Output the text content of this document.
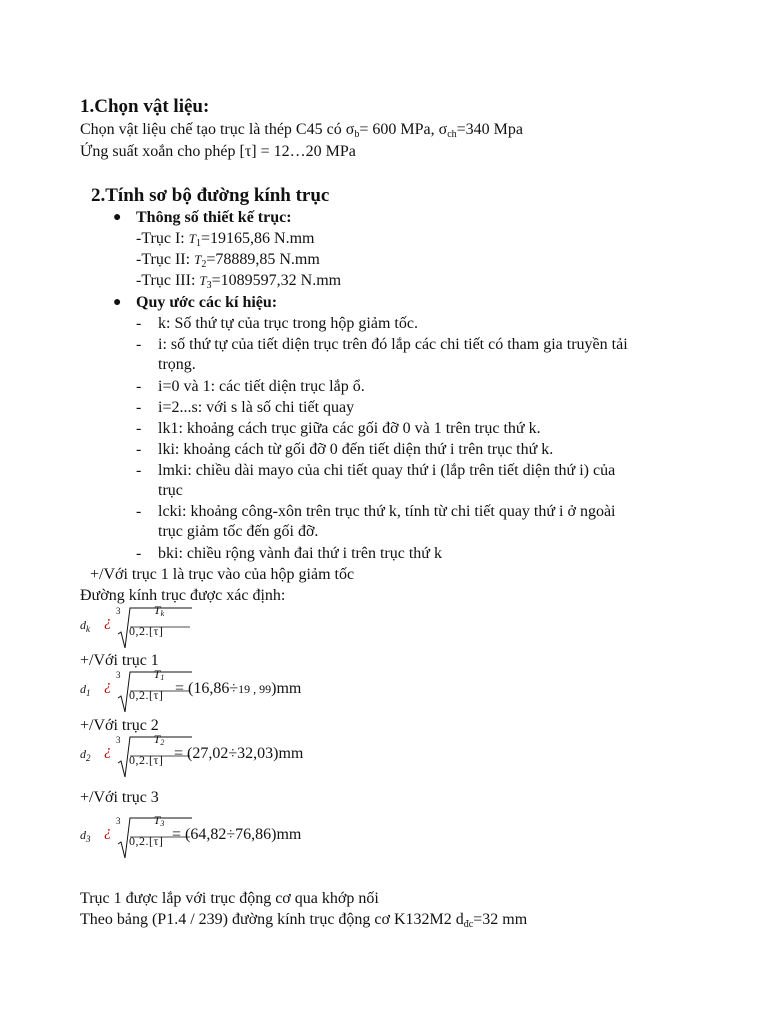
1.Chọn vật liệu:
Chọn vật liệu chế tạo trục là thép C45 có $\sigma_b= 600$ MPa, $\sigma_{ch}=340$ Mpa
Ứng suất xoắn cho phép [τ] = 12…20 MPa
2.Tính sơ bộ đường kính trục
● Thông số thiết kế trục:
-Trục I: $T_1=19165,86$ N.mm
-Trục II: $T_2=78889,85$ N.mm
-Trục III: $T_3=1089597,32$ N.mm
● Quy ước các kí hiệu:
- k: Số thứ tự của trục trong hộp giảm tốc.
- i: số thứ tự của tiết diện trục trên đó lắp các chi tiết có tham gia truyền tải
trọng.
- i=0 và 1: các tiết diện trục lắp ổ.
- i=2...s: với s là số chi tiết quay
- lk1: khoảng cách trục giữa các gối đỡ 0 và 1 trên trục thứ k.
- lki: khoảng cách từ gối đỡ 0 đến tiết diện thứ i trên trục thứ k.
- lmki: chiều dài mayo của chi tiết quay thứ i (lắp trên tiết diện thứ i) của
trục
- lcki: khoảng công-xôn trên trục thứ k, tính từ chi tiết quay thứ i ở ngoài
trục giảm tốc đến gối đỡ.
- bki: chiều rộng vành đai thứ i trên trục thứ k
+/Với trục 1 là trục vào của hộp giảm tốc
Đường kính trục được xác định:
$d_k$ ¿
3	Tk
0,2.[τ]
+/Với trục 1
$d_1$ ¿
3	T1
0,2.[τ] = (16,86÷19 , 99)mm
+/Với trục 2
$d_2$ ¿
3	T2
0,2.[τ] = (27,02÷32,03)mm
+/Với trục 3
$d_3$ ¿
3	T3
0,2.[τ] = (64,82÷76,86)mm
Trục 1 được lắp với trục động cơ qua khớp nối
Theo bảng (P1.4 / 239) đường kính trục động cơ K132M2 $d_{đc}=32$ mm
